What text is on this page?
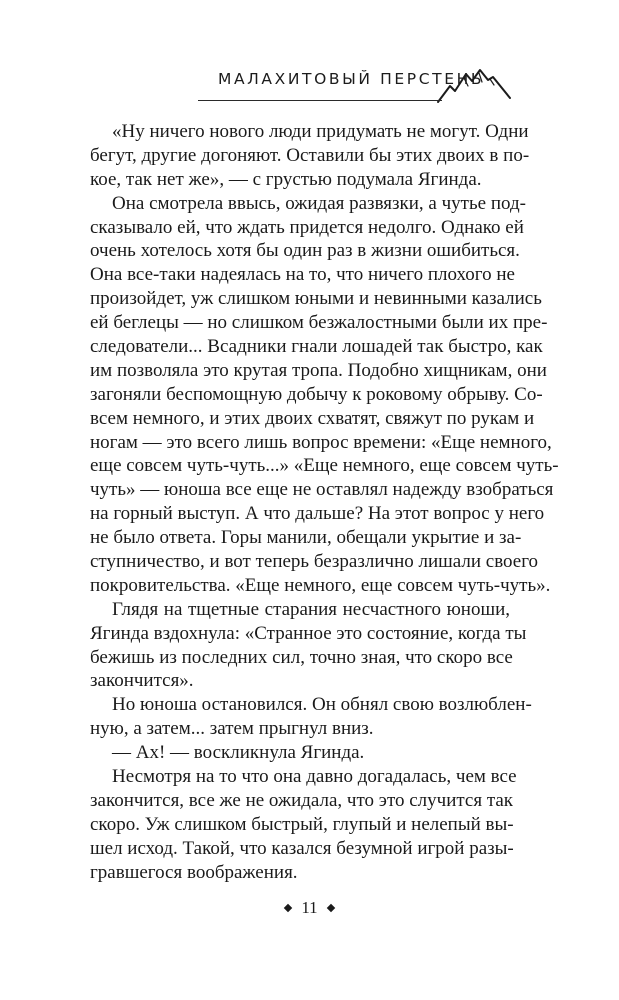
МАЛАХИТОВЫЙ ПЕРСТЕНЬ
«Ну ничего нового люди придумать не могут. Одни
бегут, другие догоняют. Оставили бы этих двоих в по-
кое, так нет же», — с грустью подумала Ягинда.
Она смотрела ввысь, ожидая развязки, а чутье под-
сказывало ей, что ждать придется недолго. Однако ей
очень хотелось хотя бы один раз в жизни ошибиться.
Она все-таки надеялась на то, что ничего плохого не
произойдет, уж слишком юными и невинными казались
ей беглецы — но слишком безжалостными были их пре-
следователи... Всадники гнали лошадей так быстро, как
им позволяла это крутая тропа. Подобно хищникам, они
загоняли беспомощную добычу к роковому обрыву. Со-
всем немного, и этих двоих схватят, свяжут по рукам и
ногам — это всего лишь вопрос времени: «Еще немного,
еще совсем чуть-чуть...» «Еще немного, еще совсем чуть-
чуть» — юноша все еще не оставлял надежду взобраться
на горный выступ. А что дальше? На этот вопрос у него
не было ответа. Горы манили, обещали укрытие и за-
ступничество, и вот теперь безразлично лишали своего
покровительства. «Еще немного, еще совсем чуть-чуть».
Глядя на тщетные старания несчастного юноши,
Ягинда вздохнула: «Странное это состояние, когда ты
бежишь из последних сил, точно зная, что скоро все
закончится».
Но юноша остановился. Он обнял свою возлюблен-
ную, а затем... затем прыгнул вниз.
— Ах! — воскликнула Ягинда.
Несмотря на то что она давно догадалась, чем все
закончится, все же не ожидала, что это случится так
скоро. Уж слишком быстрый, глупый и нелепый вы-
шел исход. Такой, что казался безумной игрой разы-
гравшегося воображения.
11
